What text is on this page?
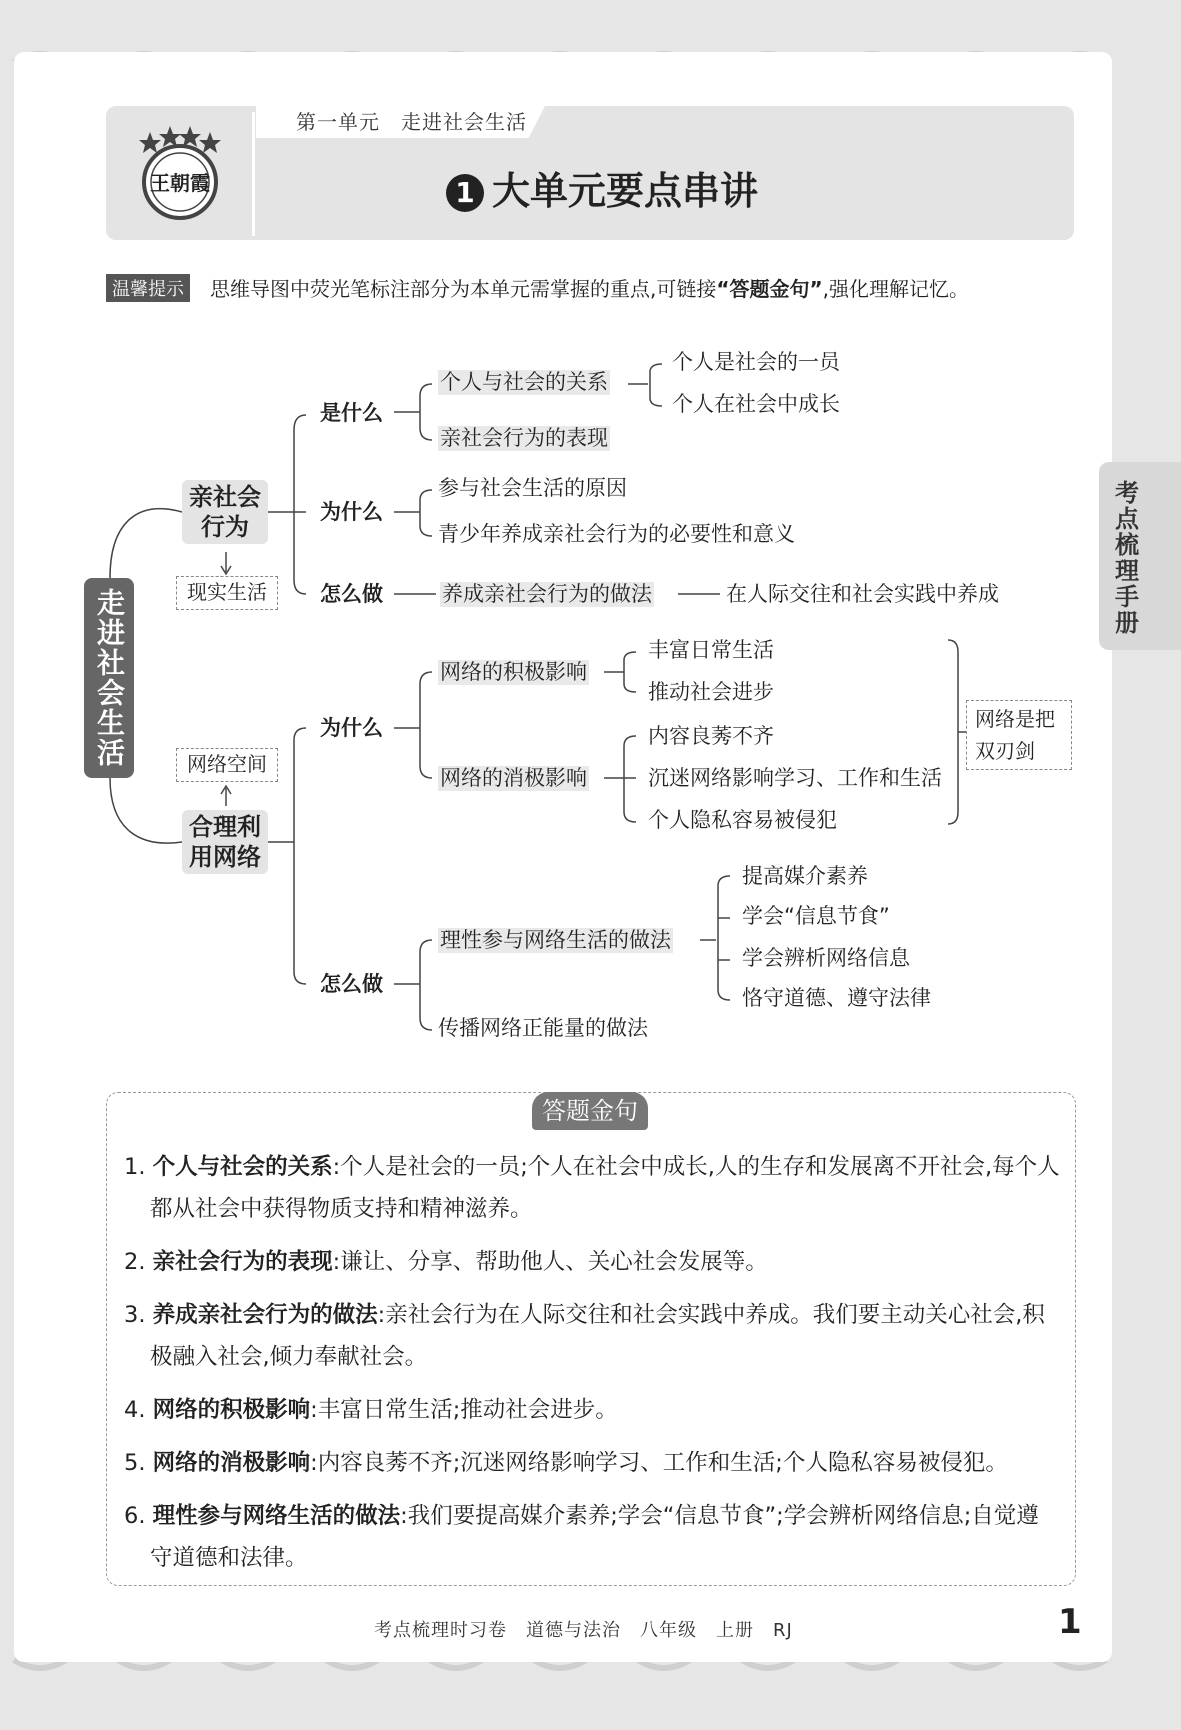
第一单元　走进社会生活
王朝霞	1 大单元要点串讲
温馨提示	思维导图中荧光笔标注部分为本单元需掌握的重点,可链接“答题金句”,强化理解记忆。
考点梳理手册
走进社会生活
亲社会行为
现实生活
是什么
个人与社会的关系
个人是社会的一员
个人在社会中成长
亲社会行为的表现
为什么
参与社会生活的原因
青少年养成亲社会行为的必要性和意义
怎么做	养成亲社会行为的做法	在人际交往和社会实践中养成
网络空间
合理利用网络
为什么
网络的积极影响
丰富日常生活
推动社会进步
网络的消极影响
内容良莠不齐
沉迷网络影响学习、工作和生活
个人隐私容易被侵犯
网络是把双刃剑
怎么做
理性参与网络生活的做法
提高媒介素养
学会“信息节食”
学会辨析网络信息
恪守道德、遵守法律
传播网络正能量的做法
答题金句
1. 个人与社会的关系:个人是社会的一员;个人在社会中成长,人的生存和发展离不开社会,每个人都从社会中获得物质支持和精神滋养。
2. 亲社会行为的表现:谦让、分享、帮助他人、关心社会发展等。
3. 养成亲社会行为的做法:亲社会行为在人际交往和社会实践中养成。我们要主动关心社会,积极融入社会,倾力奉献社会。
4. 网络的积极影响:丰富日常生活;推动社会进步。
5. 网络的消极影响:内容良莠不齐;沉迷网络影响学习、工作和生活;个人隐私容易被侵犯。
6. 理性参与网络生活的做法:我们要提高媒介素养;学会“信息节食”;学会辨析网络信息;自觉遵守道德和法律。
考点梳理时习卷　道德与法治　八年级　上册　RJ	1
